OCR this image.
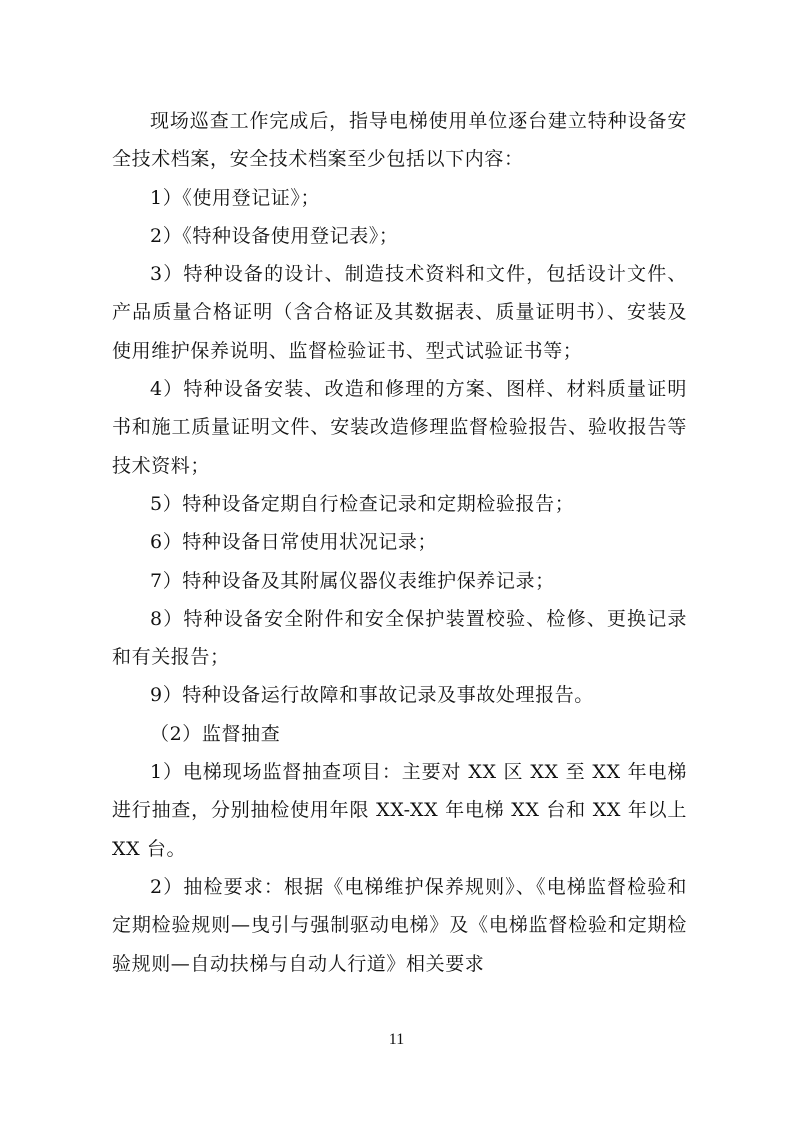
现场巡查工作完成后，指导电梯使用单位逐台建立特种设备安全技术档案，安全技术档案至少包括以下内容：

1）《使用登记证》；

2）《特种设备使用登记表》；

3）特种设备的设计、制造技术资料和文件，包括设计文件、产品质量合格证明（含合格证及其数据表、质量证明书）、安装及使用维护保养说明、监督检验证书、型式试验证书等；

4）特种设备安装、改造和修理的方案、图样、材料质量证明书和施工质量证明文件、安装改造修理监督检验报告、验收报告等技术资料；

5）特种设备定期自行检查记录和定期检验报告；

6）特种设备日常使用状况记录；

7）特种设备及其附属仪器仪表维护保养记录；

8）特种设备安全附件和安全保护装置校验、检修、更换记录和有关报告；

9）特种设备运行故障和事故记录及事故处理报告。

（2）监督抽查

1）电梯现场监督抽查项目：主要对 XX 区 XX 至 XX 年电梯进行抽查，分别抽检使用年限 XX-XX 年电梯 XX 台和 XX 年以上 XX 台。

2）抽检要求：根据《电梯维护保养规则》、《电梯监督检验和定期检验规则—曳引与强制驱动电梯》及《电梯监督检验和定期检验规则—自动扶梯与自动人行道》相关要求

11
